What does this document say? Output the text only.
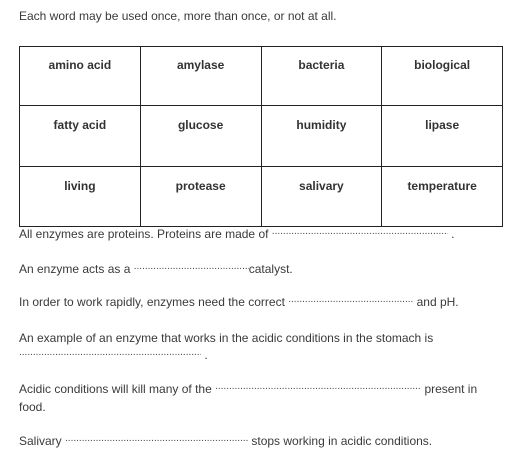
Each word may be used once, more than once, or not at all.
amino acid	amylase	bacteria	biological
fatty acid	glucose	humidity	lipase
living	protease	salivary	temperature
All enzymes are proteins. Proteins are made of .....	.
An enzyme acts as a .....	catalyst.
In order to work rapidly, enzymes need the correct .....	and pH.
An example of an enzyme that works in the acidic conditions in the stomach is
..... .
Acidic conditions will kill many of the .....	present in
food.
Salivary .....	stops working in acidic conditions.
